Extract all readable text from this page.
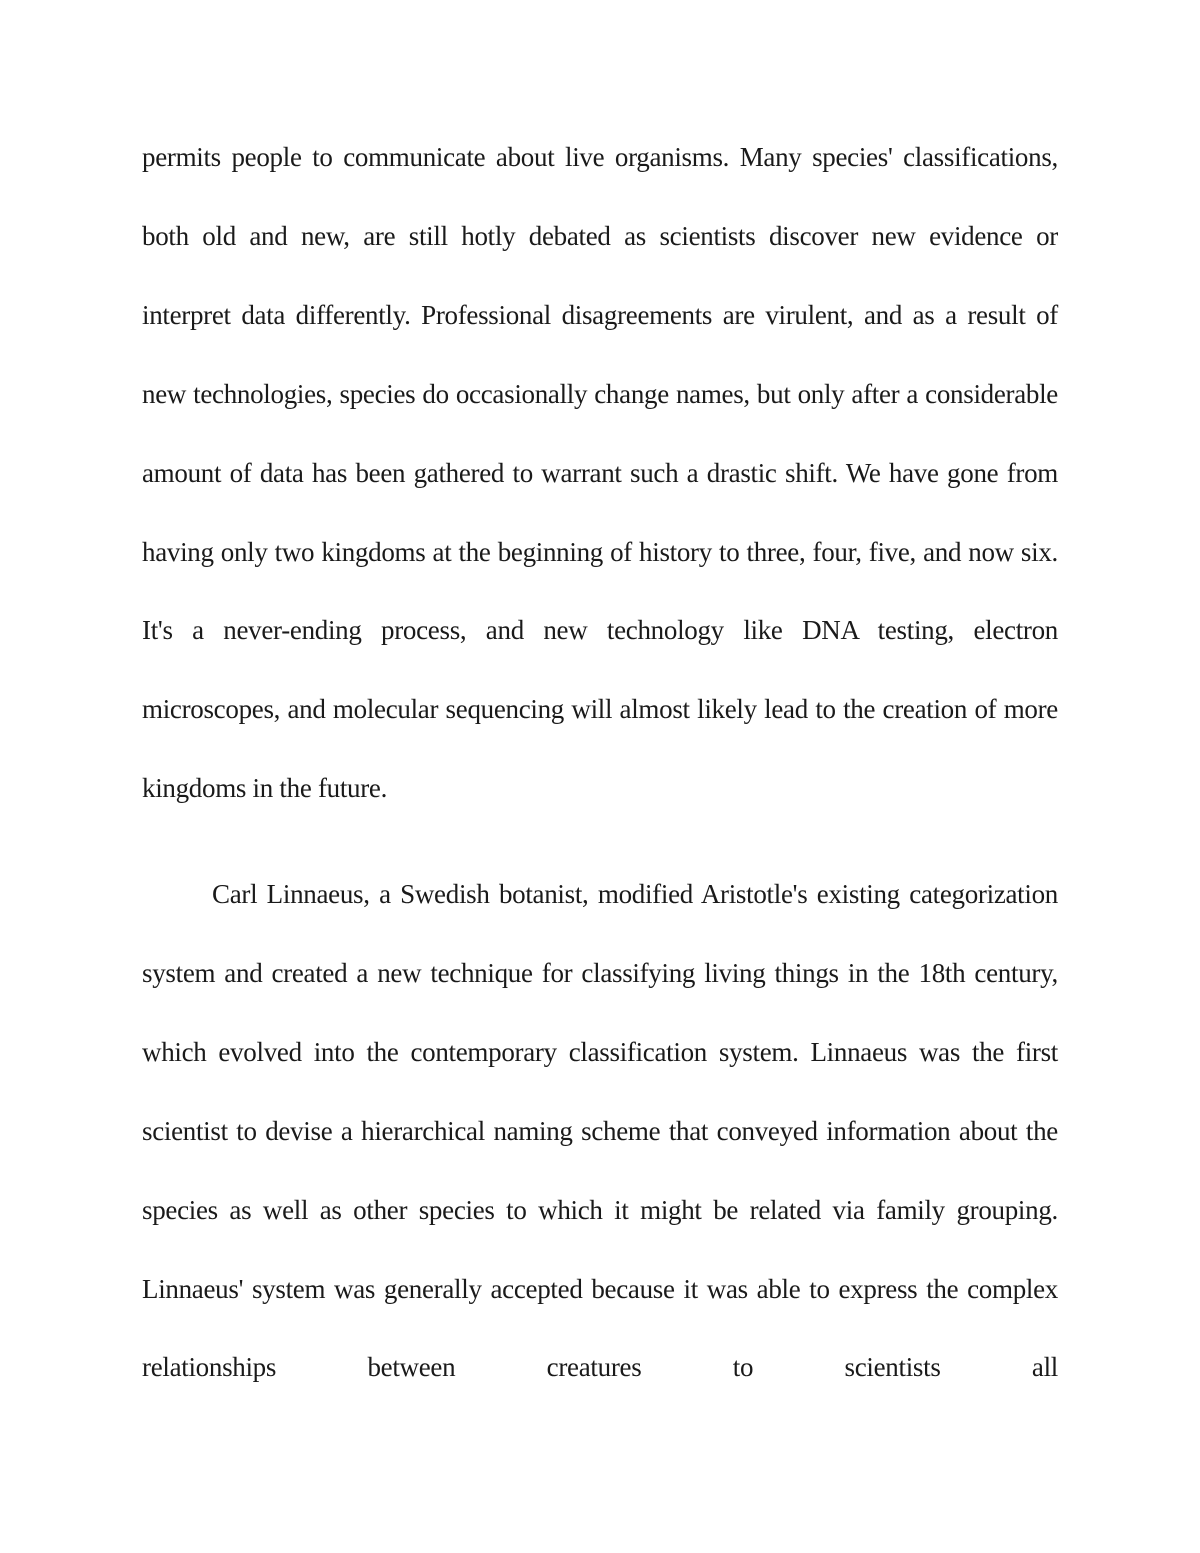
permits people to communicate about live organisms. Many species' classifications, both old and new, are still hotly debated as scientists discover new evidence or interpret data differently. Professional disagreements are virulent, and as a result of new technologies, species do occasionally change names, but only after a considerable amount of data has been gathered to warrant such a drastic shift. We have gone from having only two kingdoms at the beginning of history to three, four, five, and now six. It's a never-ending process, and new technology like DNA testing, electron microscopes, and molecular sequencing will almost likely lead to the creation of more kingdoms in the future.

Carl Linnaeus, a Swedish botanist, modified Aristotle's existing categorization system and created a new technique for classifying living things in the 18th century, which evolved into the contemporary classification system. Linnaeus was the first scientist to devise a hierarchical naming scheme that conveyed information about the species as well as other species to which it might be related via family grouping. Linnaeus' system was generally accepted because it was able to express the complex relationships between creatures to scientists all
